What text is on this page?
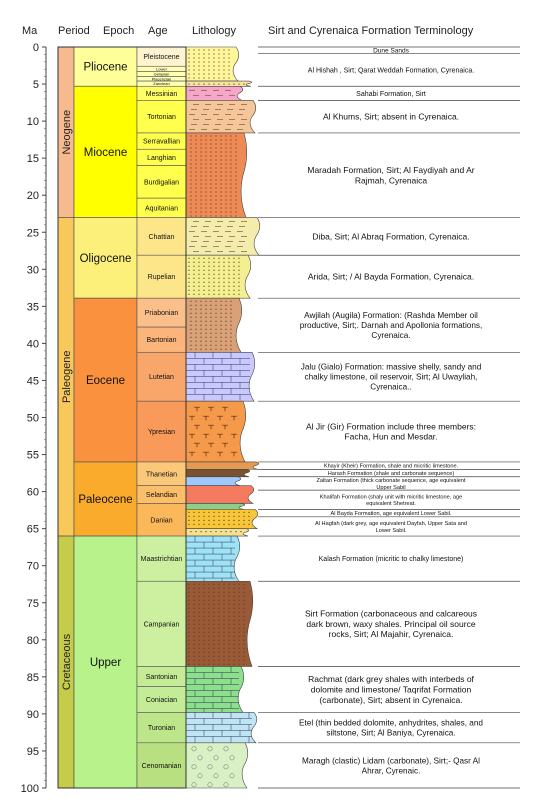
Ma Period Epoch Age Lithology	Sirt and Cyrenaica Formation Terminology
0
5
10
15
20
25
30
35
40
45
50
55
60
65
70
75
80
85
90
95
100
Neogene
Paleogene
Cretaceous
Pliocene
Miocene
Oligocene
Eocene
Paleocene
Upper
Pleistocene
Lower
Gelasian
Piacenzian
Zanclean
Messinian
Tortonian
Serravallian
Langhian
Burdigalian
Aquitanian
Chattian
Rupelian
Priabonian
Bartonian
Lutetian
Ypresian
Thanetian
Selandian
Danian
Maastrichtian
Campanian
Santonian
Coniacian
Turonian
Cenomanian
Dune Sands
Al Hishah , Sirt; Qarat Weddah Formation, Cyrenaica.
Sahabi Formation, Sirt
Al Khums, Sirt; absent in Cyrenaica.
Maradah Formation, Sirt; Al Faydiyah and Ar
Rajmah, Cyrenaica
Diba, Sirt; Al Abraq Formation, Cyrenaica.
Arida, Sirt; / Al Bayda Formation, Cyrenaica.
Awjilah (Augila) Formation: (Rashda Member oil
productive, Sirt;. Darnah and Apollonia formations,
Cyrenaica.
Jalu (Gialo) Formation: massive shelly, sandy and
chalky limestone, oil reservoir, Sirt; Al Uwayliah,
Cyrenaica..
Al Jir (Gir) Formation include three members:
Facha, Hun and Mesdar.
Khayir (Kheir) Formation, shale and micritic limestone.
Harash Formation (shale and carbonate sequence)
Zaltan Formation (thick carbonate sequence, age equivalent
Upper Sabil
Khalifah Formation (shaly unit with micritic limestone, age
equivalent Shetreat.
Al Bayda Formation, age equivalent Lower Sabil.
Al Hagfah (dark grey, age equivalent Dayfah, Upper Sata and
Lower Sabil.
Kalash Formation (micritic to chalky limestone)
Sirt Formation (carbonaceous and calcareous
dark brown, waxy shales. Principal oil source
rocks, Sirt; Al Majahir, Cyrenaica.
Rachmat (dark grey shales with interbeds of
dolomite and limestone/ Taqrifat Formation
(carbonate), Sirt; absent in Cyrenaica.
Etel (thin bedded dolomite, anhydrites, shales, and
siltstone, Sirt; Al Baniya, Cyrenaica.
Maragh (clastic) Lidam (carbonate), Sirt;- Qasr Al
Ahrar, Cyrenaic.
